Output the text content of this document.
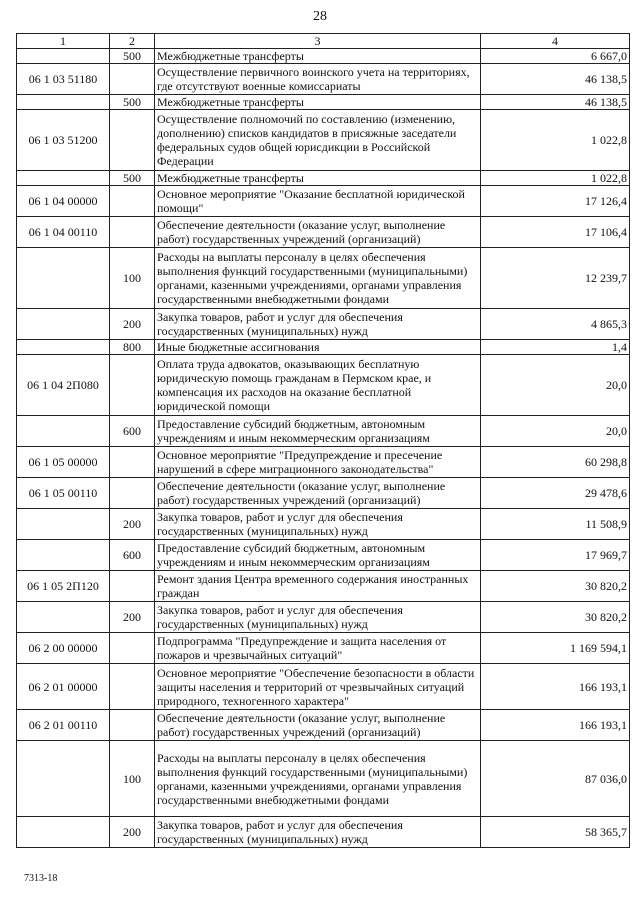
28
1	2	3	4
	500	Межбюджетные трансферты	6 667,0
06 1 03 51180		Осуществление первичного воинского учета на территориях, где отсутствуют военные комиссариаты	46 138,5
	500	Межбюджетные трансферты	46 138,5
06 1 03 51200		Осуществление полномочий по составлению (изменению, дополнению) списков кандидатов в присяжные заседатели федеральных судов общей юрисдикции в Российской Федерации	1 022,8
	500	Межбюджетные трансферты	1 022,8
06 1 04 00000		Основное мероприятие "Оказание бесплатной юридической помощи"	17 126,4
06 1 04 00110		Обеспечение деятельности (оказание услуг, выполнение работ) государственных учреждений (организаций)	17 106,4
	100	Расходы на выплаты персоналу в целях обеспечения выполнения функций государственными (муниципальными) органами, казенными учреждениями, органами управления государственными внебюджетными фондами	12 239,7
	200	Закупка товаров, работ и услуг для обеспечения государственных (муниципальных) нужд	4 865,3
	800	Иные бюджетные ассигнования	1,4
06 1 04 2П080		Оплата труда адвокатов, оказывающих бесплатную юридическую помощь гражданам в Пермском крае, и компенсация их расходов на оказание бесплатной юридической помощи	20,0
	600	Предоставление субсидий бюджетным, автономным учреждениям и иным некоммерческим организациям	20,0
06 1 05 00000		Основное мероприятие "Предупреждение и пресечение нарушений в сфере миграционного законодательства"	60 298,8
06 1 05 00110		Обеспечение деятельности (оказание услуг, выполнение работ) государственных учреждений (организаций)	29 478,6
	200	Закупка товаров, работ и услуг для обеспечения государственных (муниципальных) нужд	11 508,9
	600	Предоставление субсидий бюджетным, автономным учреждениям и иным некоммерческим организациям	17 969,7
06 1 05 2П120		Ремонт здания Центра временного содержания иностранных граждан	30 820,2
	200	Закупка товаров, работ и услуг для обеспечения государственных (муниципальных) нужд	30 820,2
06 2 00 00000		Подпрограмма "Предупреждение и защита населения от пожаров и чрезвычайных ситуаций"	1 169 594,1
06 2 01 00000		Основное мероприятие "Обеспечение безопасности в области защиты населения и территорий от чрезвычайных ситуаций природного, техногенного характера"	166 193,1
06 2 01 00110		Обеспечение деятельности (оказание услуг, выполнение работ) государственных учреждений (организаций)	166 193,1
	100	Расходы на выплаты персоналу в целях обеспечения выполнения функций государственными (муниципальными) органами, казенными учреждениями, органами управления государственными внебюджетными фондами	87 036,0
	200	Закупка товаров, работ и услуг для обеспечения государственных (муниципальных) нужд	58 365,7
7313-18
